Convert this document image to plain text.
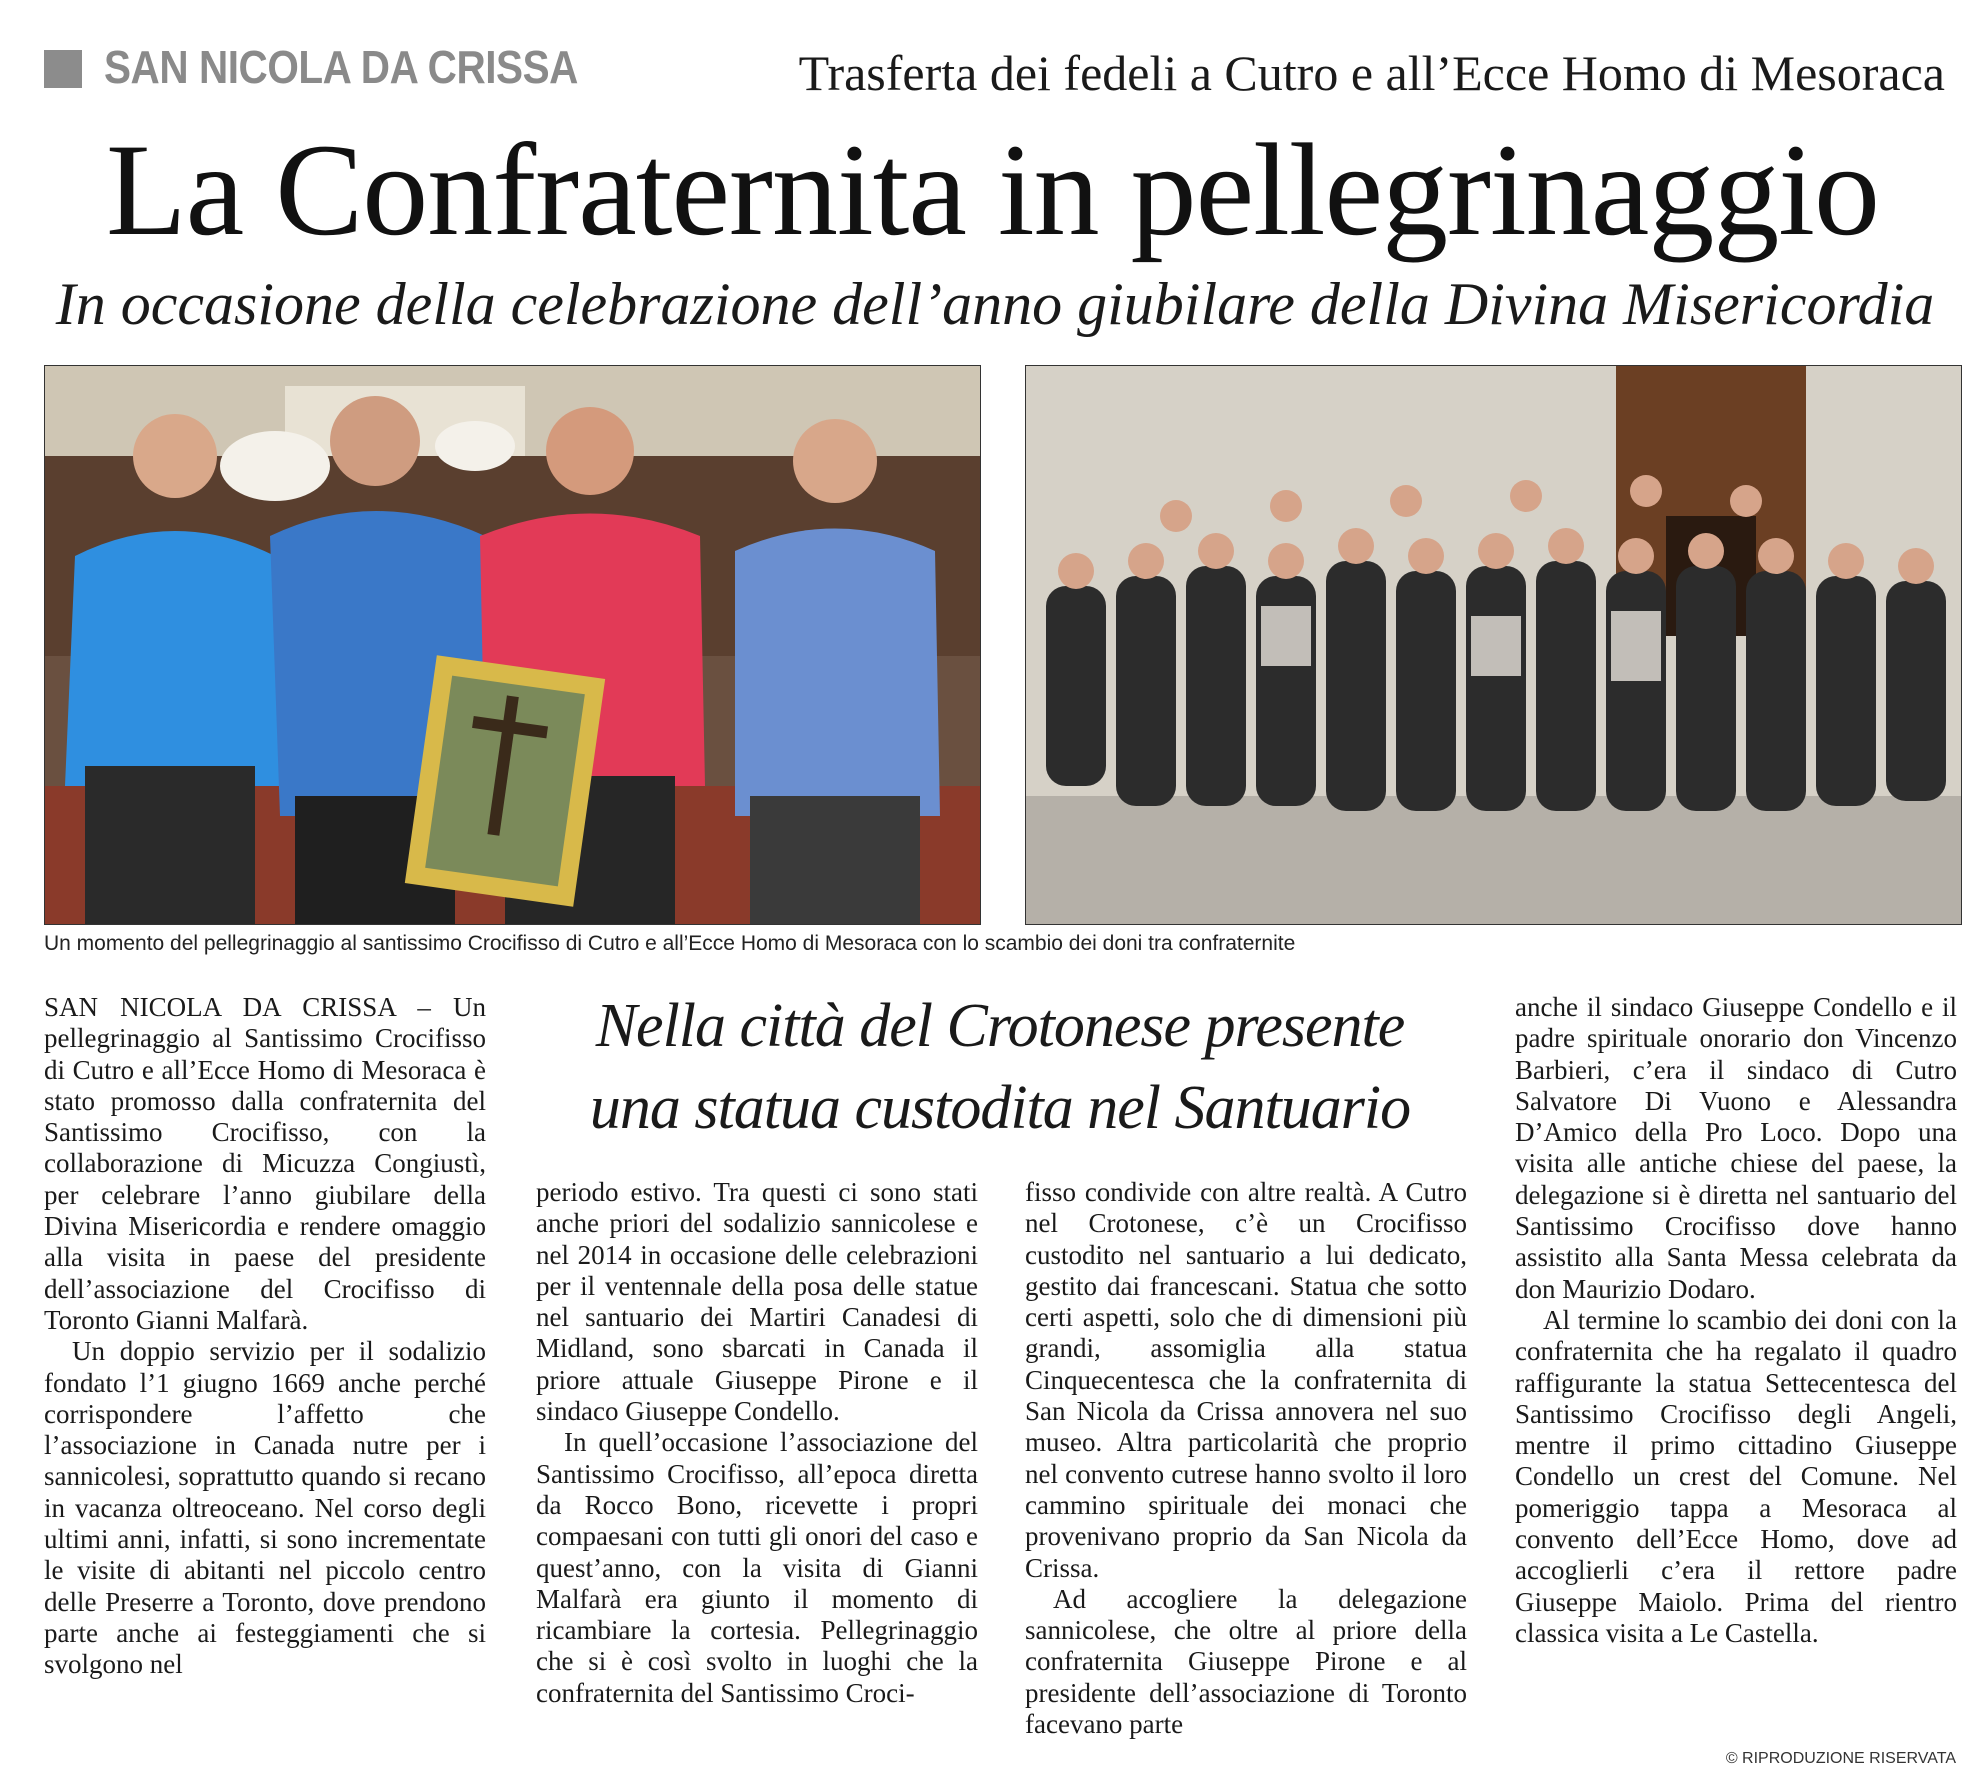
SAN NICOLA DA CRISSA	Trasferta dei fedeli a Cutro e all’Ecce Homo di Mesoraca
La Confraternita in pellegrinaggio
In occasione della celebrazione dell’anno giubilare della Divina Misericordia
Un momento del pellegrinaggio al santissimo Crocifisso di Cutro e all’Ecce Homo di Mesoraca con lo scambio dei doni tra confraternite
Nella città del Crotonese presente
una statua custodita nel Santuario

SAN NICOLA DA CRISSA – Un pellegrinaggio al Santissimo Crocifisso di Cutro e all’Ecce Homo di Mesoraca è stato promosso dalla confraternita del Santissimo Crocifisso, con la collaborazione di Micuzza Congiustì, per celebrare l’anno giubilare della Divina Misericordia e rendere omaggio alla visita in paese del presidente dell’associazione del Crocifisso di Toronto Gianni Malfarà.

Un doppio servizio per il sodalizio fondato l’1 giugno 1669 anche perché corrispondere l’affetto che l’associazione in Canada nutre per i sannicolesi, soprattutto quando si recano in vacanza oltreoceano. Nel corso degli ultimi anni, infatti, si sono incrementate le visite di abitanti nel piccolo centro delle Preserre a Toronto, dove prendono parte anche ai festeggiamenti che si svolgono nel

periodo estivo. Tra questi ci sono stati anche priori del sodalizio sannicolese e nel 2014 in occasione delle celebrazioni per il ventennale della posa delle statue nel santuario dei Martiri Canadesi di Midland, sono sbarcati in Canada il priore attuale Giuseppe Pirone e il sindaco Giuseppe Condello.

In quell’occasione l’associazione del Santissimo Crocifisso, all’epoca diretta da Rocco Bono, ricevette i propri compaesani con tutti gli onori del caso e quest’anno, con la visita di Gianni Malfarà era giunto il momento di ricambiare la cortesia. Pellegrinaggio che si è così svolto in luoghi che la confraternita del Santissimo Croci-

fisso condivide con altre realtà. A Cutro nel Crotonese, c’è un Crocifisso custodito nel santuario a lui dedicato, gestito dai francescani. Statua che sotto certi aspetti, solo che di dimensioni più grandi, assomiglia alla statua Cinquecentesca che la confraternita di San Nicola da Crissa annovera nel suo museo. Altra particolarità che proprio nel convento cutrese hanno svolto il loro cammino spirituale dei monaci che provenivano proprio da San Nicola da Crissa.

Ad accogliere la delegazione sannicolese, che oltre al priore della confraternita Giuseppe Pirone e al presidente dell’associazione di Toronto facevano parte

anche il sindaco Giuseppe Condello e il padre spirituale onorario don Vincenzo Barbieri, c’era il sindaco di Cutro Salvatore Di Vuono e Alessandra D’Amico della Pro Loco. Dopo una visita alle antiche chiese del paese, la delegazione si è diretta nel santuario del Santissimo Crocifisso dove hanno assistito alla Santa Messa celebrata da don Maurizio Dodaro.

Al termine lo scambio dei doni con la confraternita che ha regalato il quadro raffigurante la statua Settecentesca del Santissimo Crocifisso degli Angeli, mentre il primo cittadino Giuseppe Condello un crest del Comune. Nel pomeriggio tappa a Mesoraca al convento dell’Ecce Homo, dove ad accoglierli c’era il rettore padre Giuseppe Maiolo. Prima del rientro classica visita a Le Castella.

© RIPRODUZIONE RISERVATA
